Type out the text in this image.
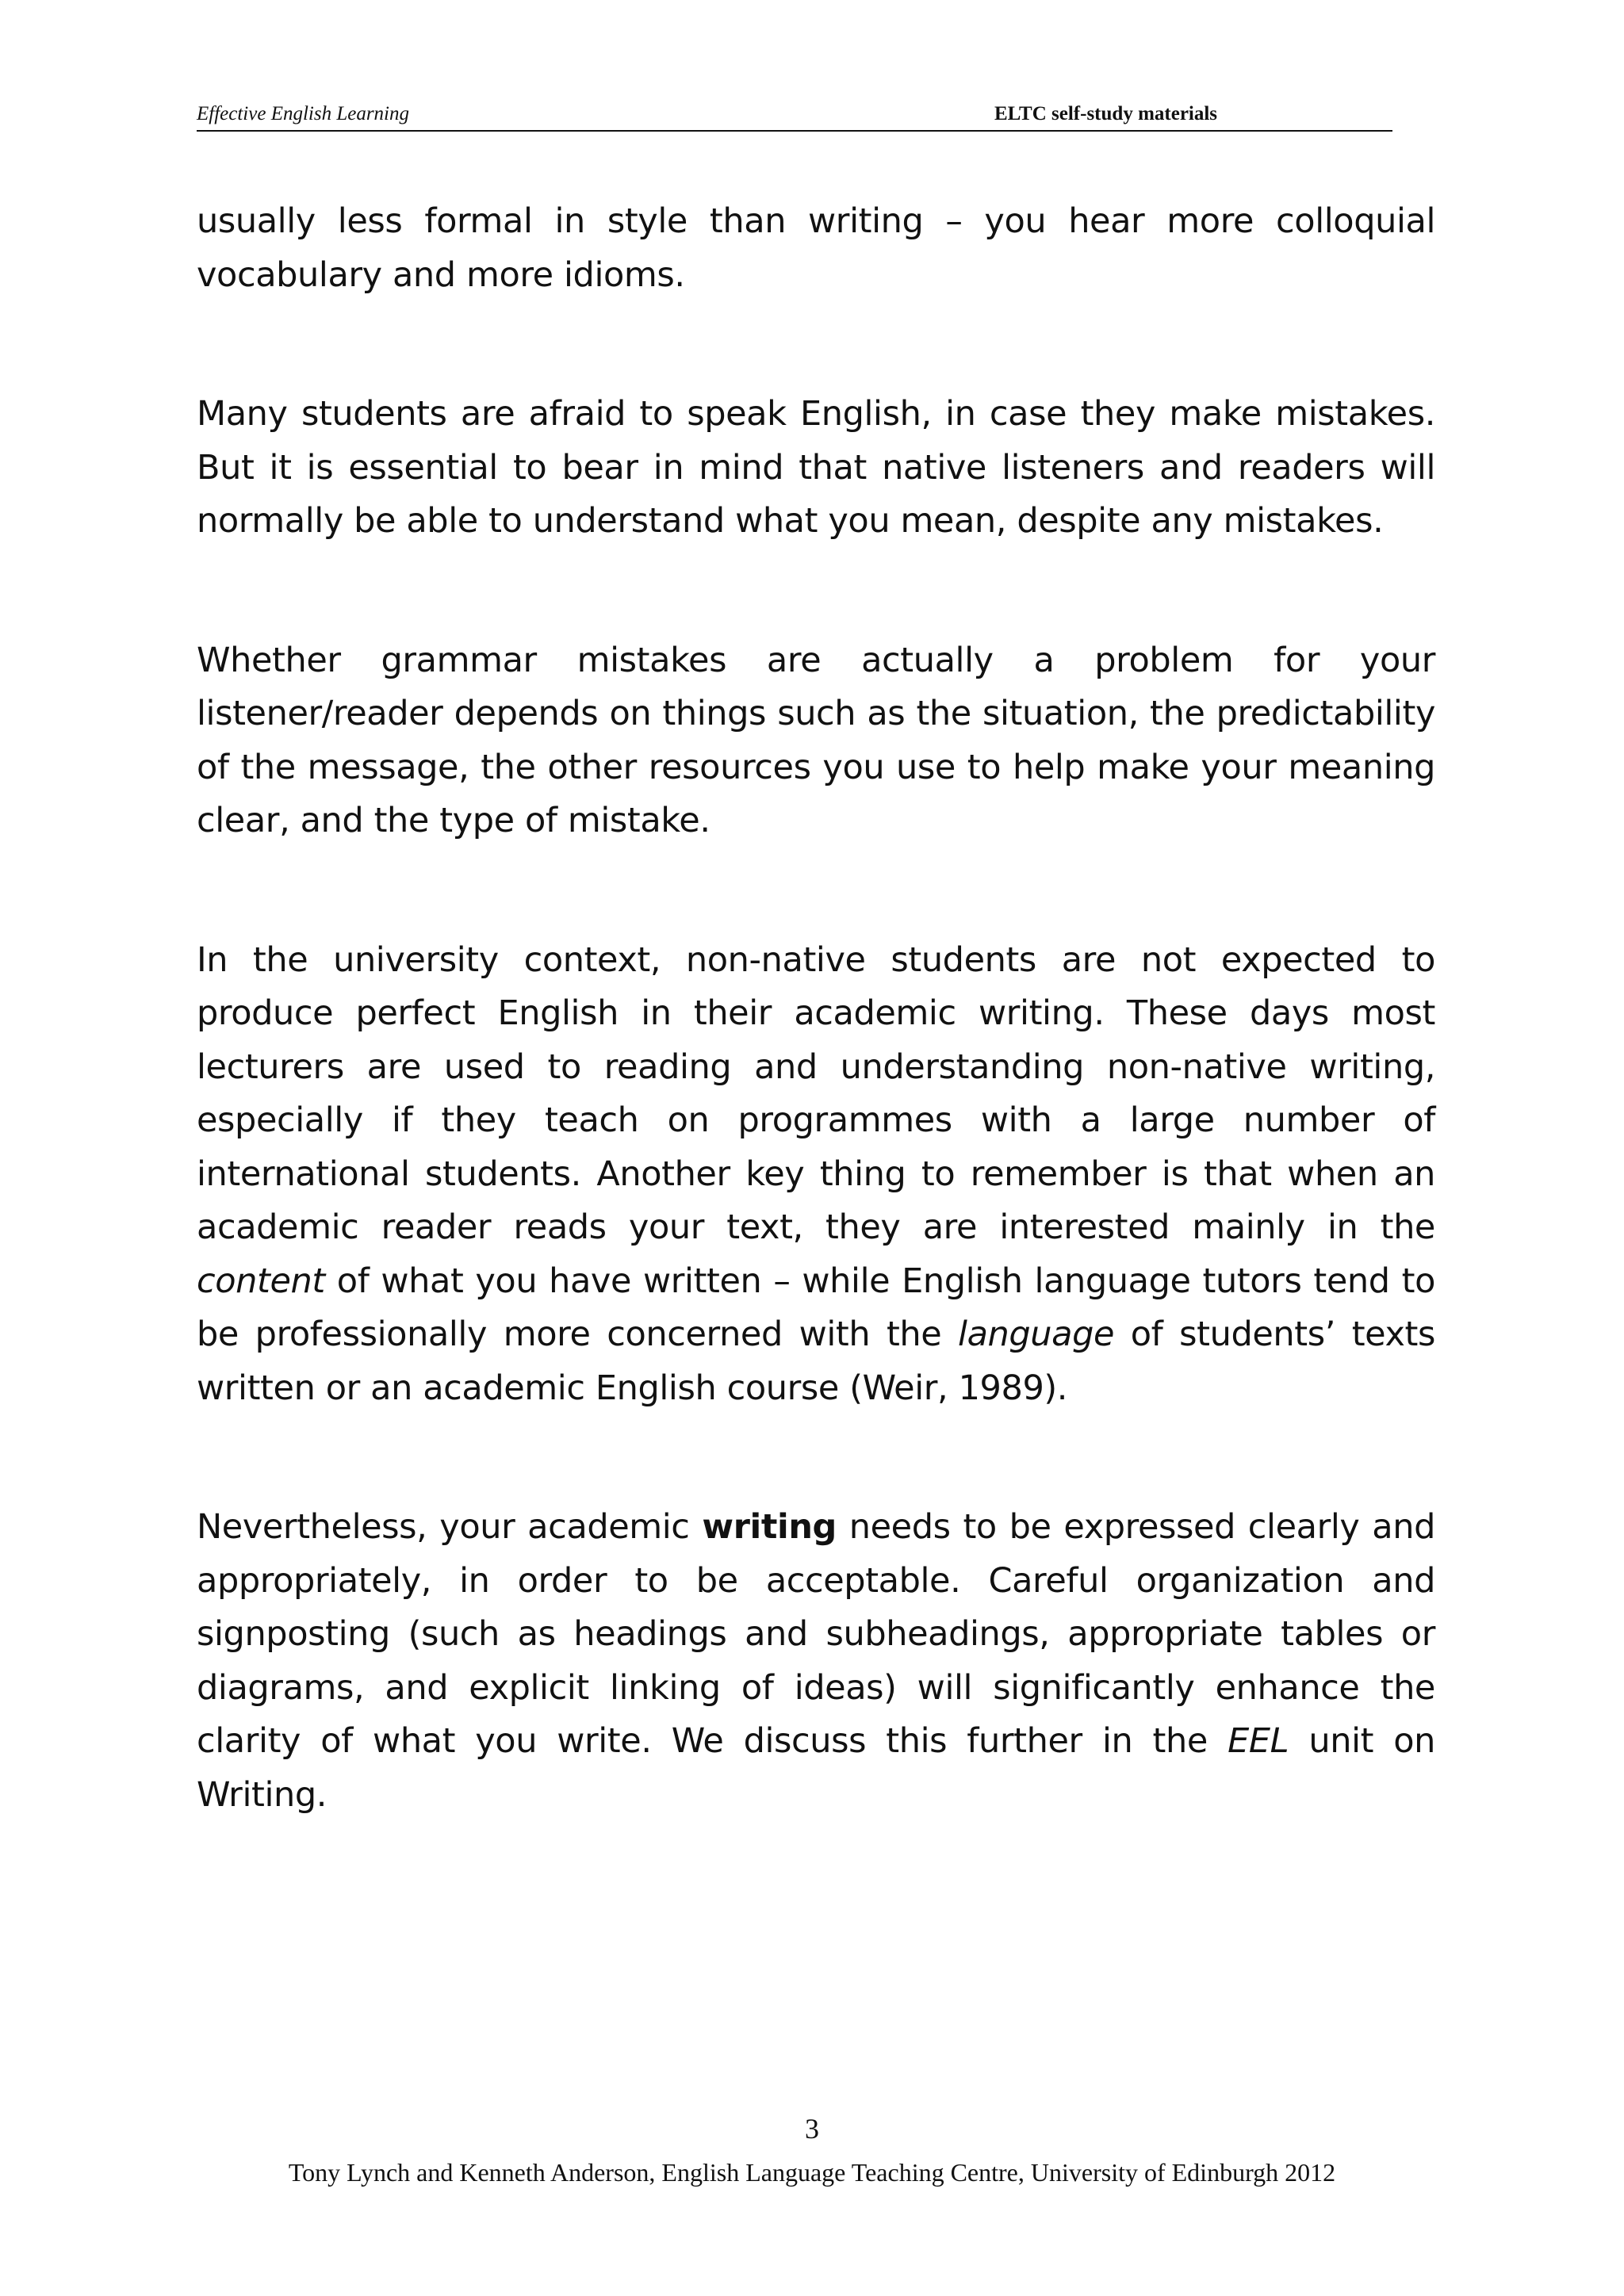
Effective English Learning	ELTC self-study materials

usually less formal in style than writing – you hear more colloquial vocabulary and more idioms.

Many students are afraid to speak English, in case they make mistakes. But it is essential to bear in mind that native listeners and readers will normally be able to understand what you mean, despite any mistakes.

Whether grammar mistakes are actually a problem for your listener/reader depends on things such as the situation, the predictability of the message, the other resources you use to help make your meaning clear, and the type of mistake.

In the university context, non-native students are not expected to produce perfect English in their academic writing. These days most lecturers are used to reading and understanding non-native writing, especially if they teach on programmes with a large number of international students. Another key thing to remember is that when an academic reader reads your text, they are interested mainly in the content of what you have written – while English language tutors tend to be professionally more concerned with the language of students’ texts written or an academic English course (Weir, 1989).

Nevertheless, your academic writing needs to be expressed clearly and appropriately, in order to be acceptable. Careful organization and signposting (such as headings and subheadings, appropriate tables or diagrams, and explicit linking of ideas) will significantly enhance the clarity of what you write. We discuss this further in the EEL unit on Writing.

3
Tony Lynch and Kenneth Anderson, English Language Teaching Centre, University of Edinburgh 2012
